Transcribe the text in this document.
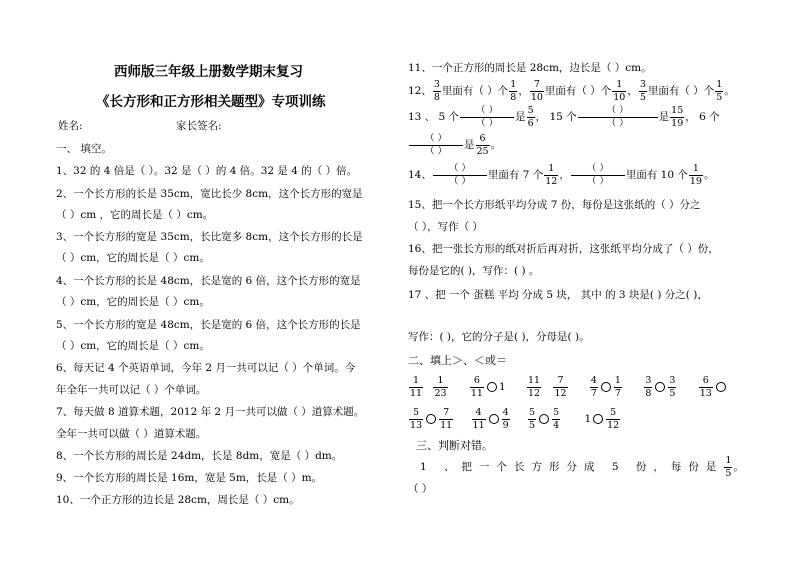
西师版三年级上册数学期末复习
《长方形和正方形相关题型》专项训练
姓名:	家长签名:
一、 填空。
1、32 的 4 倍是（ ）。32 是（ ）的 4 倍。32 是 4 的（ ）倍。
2、一个长方形的长是 35cm，宽比长少 8cm，这个长方形的宽是
（ ）cm ，它的周长是（ ）cm。
3、一个长方形的宽是 35cm，长比宽多 8cm，这个长方形的长是
（ ）cm，它的周长是（ ）cm。
4、一个长方形的长是 48cm，长是宽的 6 倍，这个长方形的宽是
（ ）cm，它的周长是（ ）cm。
5、一个长方形的宽是 48cm，长是宽的 6 倍，这个长方形的长是
（ ）cm，它的周长是（ ）cm。
6、每天记 4 个英语单词，今年 2 月一共可以记（ ）个单词。今
年全年一共可以记（ ）个单词。
7、每天做 8 道算术题，2012 年 2 月一共可以做（ ）道算术题。
全年一共可以做（ ）道算术题。
8、一个长方形的周长是 24dm，长是 8dm，宽是（ ）dm。
9、一个长方形的周长是 16m，宽是 5m，长是（ ）m。
10、一个正方形的边长是 28cm，周长是（ ）cm。
11、一个正方形的周长是 28cm，边长是（ ）cm。
12、 $\frac{3}{8}$ 里面有（ ）个 $\frac{1}{8}$ ， $\frac{7}{10}$ 里面有（ ）个 $\frac{1}{10}$ ， $\frac{3}{5}$ 里面有（ ）个 $\frac{1}{5}$ 。
13 、 5 个 $\frac{( )}{( )}$ 是 $\frac{5}{6}$ ， 15 个 $\frac{( )}{( )}$ 是 $\frac{15}{19}$ ， 6 个
$\frac{( )}{( )}$ 是 $\frac{6}{25}$ 。
14、 $\frac{( )}{( )}$ 里面有 7 个 $\frac{1}{12}$ ， $\frac{( )}{( )}$ 里面有 10 个 $\frac{1}{19}$ 。
15、把一个长方形纸平均分成 7 份，每份是这张纸的（ ）分之
（ ），写作（ ）
16、把一张长方形的纸对折后再对折，这张纸平均分成了（ ）份，
每份是它的( )，写作：( ) 。
17 、把 一个 蛋糕 平均 分成 5 块， 其中 的 3 块是( ) 分之( )，
写作：( )，它的分子是( )，分母是( )。
二、填上＞、＜或＝
$\frac{1}{11}$
$\frac{1}{23}$
$\frac{6}{11} 1 \frac{11}{12}$
$\frac{7}{12}$
$\frac{4}{7} \frac{1}{7}$
$\frac{3}{8} \frac{3}{5}$
$\frac{6}{13}$
$\frac{5}{13} \frac{7}{11}$
$\frac{4}{11} \frac{4}{9}$
$\frac{5}{5} \frac{5}{4} 1 \frac{5}{12}$
三、判断对错。
1 、把一个长方形分成 5 份，每份是 $\frac{1}{5}$ 。
（ ）
